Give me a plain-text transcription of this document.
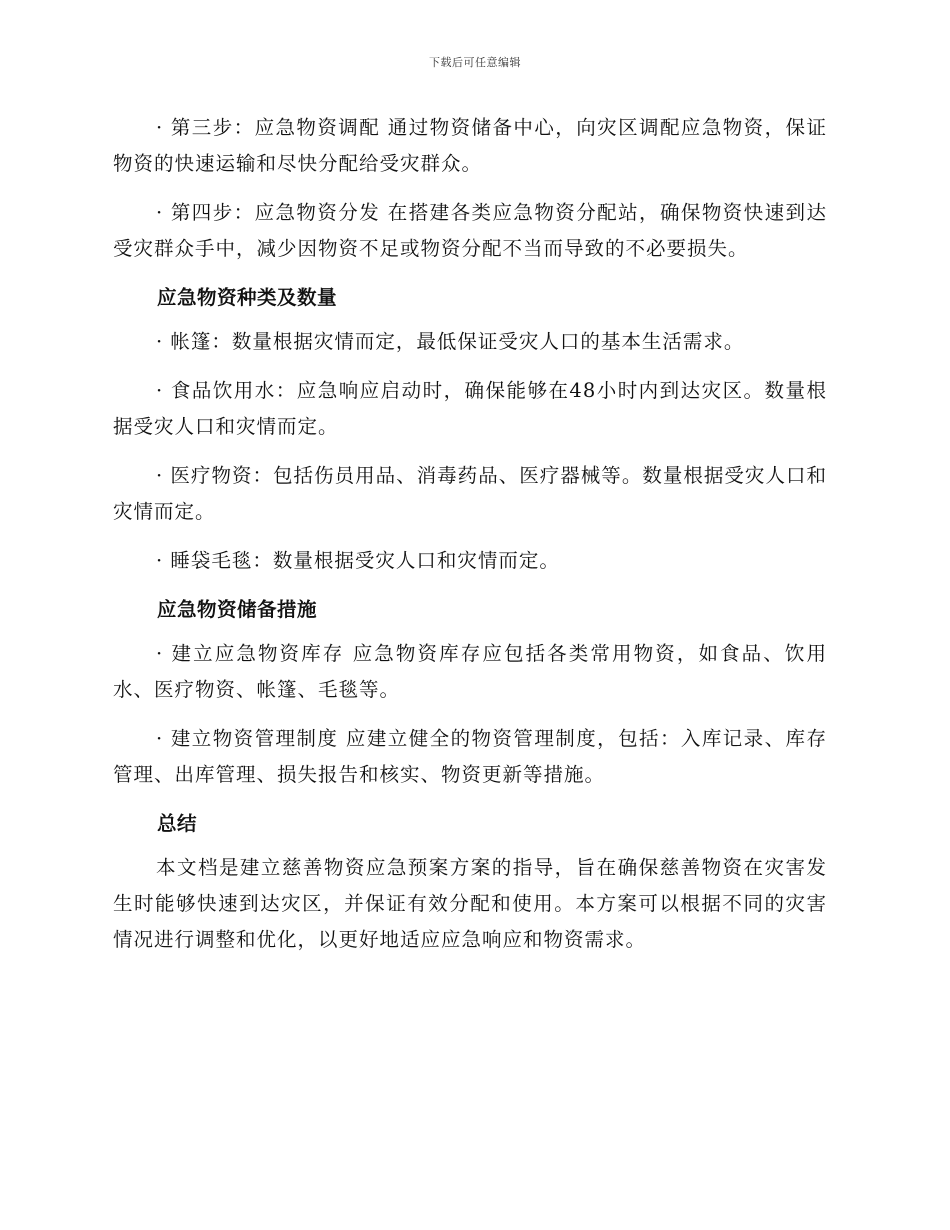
下载后可任意编辑

· 第三步：应急物资调配 通过物资储备中心，向灾区调配应急物资，保证物资的快速运输和尽快分配给受灾群众。

· 第四步：应急物资分发 在搭建各类应急物资分配站，确保物资快速到达受灾群众手中，减少因物资不足或物资分配不当而导致的不必要损失。

应急物资种类及数量

· 帐篷：数量根据灾情而定，最低保证受灾人口的基本生活需求。

· 食品饮用水：应急响应启动时，确保能够在48小时内到达灾区。数量根据受灾人口和灾情而定。

· 医疗物资：包括伤员用品、消毒药品、医疗器械等。数量根据受灾人口和灾情而定。

· 睡袋毛毯：数量根据受灾人口和灾情而定。

应急物资储备措施

· 建立应急物资库存 应急物资库存应包括各类常用物资，如食品、饮用水、医疗物资、帐篷、毛毯等。

· 建立物资管理制度 应建立健全的物资管理制度，包括：入库记录、库存管理、出库管理、损失报告和核实、物资更新等措施。

总结

本文档是建立慈善物资应急预案方案的指导，旨在确保慈善物资在灾害发生时能够快速到达灾区，并保证有效分配和使用。本方案可以根据不同的灾害情况进行调整和优化，以更好地适应应急响应和物资需求。
